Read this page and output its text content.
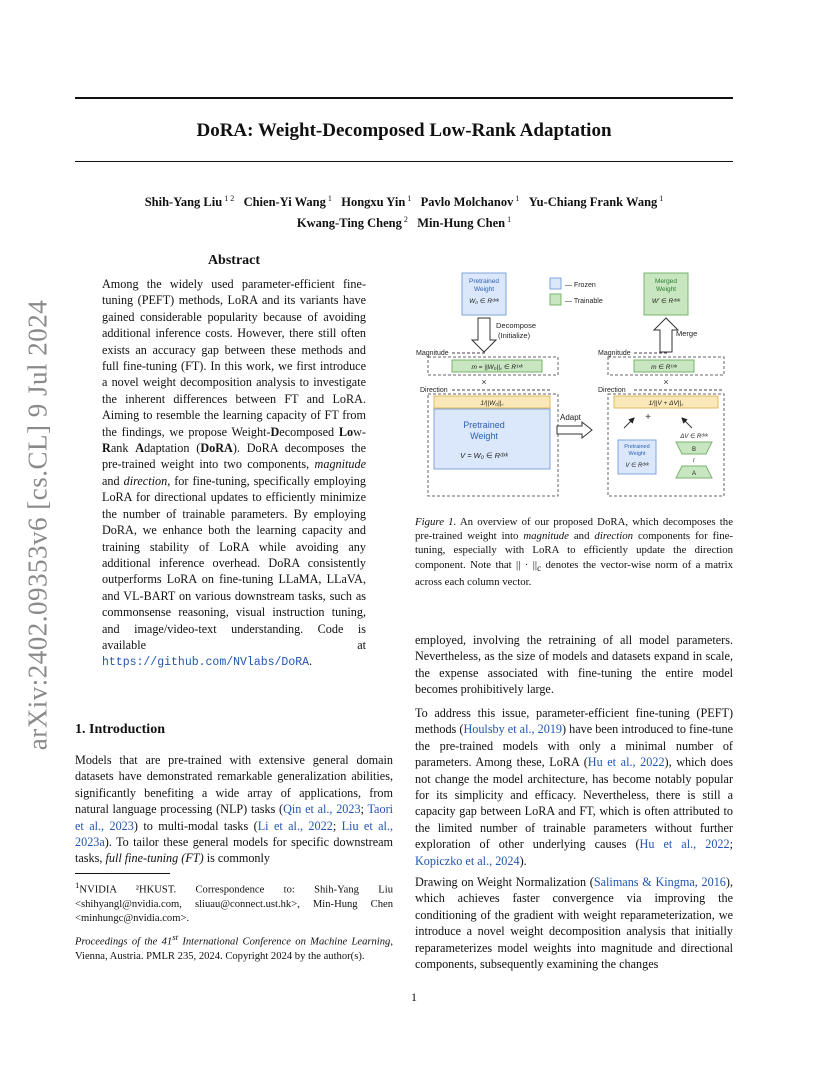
DoRA: Weight-Decomposed Low-Rank Adaptation
Shih-Yang Liu $^{1 2}$ Chien-Yi Wang $^1$ Hongxu Yin $^1$ Pavlo Molchanov $^1$ Yu-Chiang Frank Wang $^1$
Kwang-Ting Cheng $^2$ Min-Hung Chen $^1$
arXiv:2402.09353v6 [cs.CL] 9 Jul 2024
Abstract
Among the widely used parameter-efficient fine-tuning (PEFT) methods, LoRA and its variants have gained considerable popularity because of avoiding additional inference costs. However, there still often exists an accuracy gap between these methods and full fine-tuning (FT). In this work, we first introduce a novel weight decomposition analysis to investigate the inherent differences between FT and LoRA. Aiming to resemble the learning capacity of FT from the findings, we propose Weight-Decomposed Low-Rank Adaptation (DoRA). DoRA decomposes the pre-trained weight into two components, magnitude and direction, for fine-tuning, specifically employing LoRA for directional updates to efficiently minimize the number of trainable parameters. By employing DoRA, we enhance both the learning capacity and training stability of LoRA while avoiding any additional inference overhead. DoRA consistently outperforms LoRA on fine-tuning LLaMA, LLaVA, and VL-BART on various downstream tasks, such as commonsense reasoning, visual instruction tuning, and image/video-text understanding. Code is available at https://github.com/NVlabs/DoRA.
1. Introduction
Models that are pre-trained with extensive general domain datasets have demonstrated remarkable generalization abilities, significantly benefiting a wide array of applications, from natural language processing (NLP) tasks (Qin et al., 2023; Taori et al., 2023) to multi-modal tasks (Li et al., 2022; Liu et al., 2023a). To tailor these general models for specific downstream tasks, full fine-tuning (FT) is commonly
$^1$NVIDIA ²HKUST. Correspondence to: Shih-Yang Liu <shihyangl@nvidia.com, sliuau@connect.ust.hk>, Min-Hung Chen <minhungc@nvidia.com>.
Proceedings of the 41st International Conference on Machine Learning, Vienna, Austria. PMLR 235, 2024. Copyright 2024 by the author(s).
Pretrained
Weight
W₀ ∈ Rᵈˣᵏ
— Frozen
— Trainable
Merged
Weight
W′ ∈ Rᵈˣᵏ
Decompose
(Initialize)	Merge
Magnitude
m = ||W₀||꜀ ∈ R¹ˣᵏ
×
Direction
1/||W₀||꜀
Pretrained
Weight
V = W₀ ∈ Rᵈˣᵏ
Adapt
Magnitude
m ∈ R¹ˣᵏ
×
Direction
1/||V + ΔV||꜀
+
ΔV ∈ Rᵈˣᵏ
Pretrained
Weight
V ∈ Rᵈˣᵏ
B
r
A
Figure 1. An overview of our proposed DoRA, which decomposes the pre-trained weight into magnitude and direction components for fine-tuning, especially with LoRA to efficiently update the direction component. Note that || · $||_c$ denotes the vector-wise norm of a matrix across each column vector.
employed, involving the retraining of all model parameters. Nevertheless, as the size of models and datasets expand in scale, the expense associated with fine-tuning the entire model becomes prohibitively large.
To address this issue, parameter-efficient fine-tuning (PEFT) methods (Houlsby et al., 2019) have been introduced to fine-tune the pre-trained models with only a minimal number of parameters. Among these, LoRA (Hu et al., 2022), which does not change the model architecture, has become notably popular for its simplicity and efficacy. Nevertheless, there is still a capacity gap between LoRA and FT, which is often attributed to the limited number of trainable parameters without further exploration of other underlying causes (Hu et al., 2022; Kopiczko et al., 2024).
Drawing on Weight Normalization (Salimans & Kingma, 2016), which achieves faster convergence via improving the conditioning of the gradient with weight reparameterization, we introduce a novel weight decomposition analysis that initially reparameterizes model weights into magnitude and directional components, subsequently examining the changes
1
